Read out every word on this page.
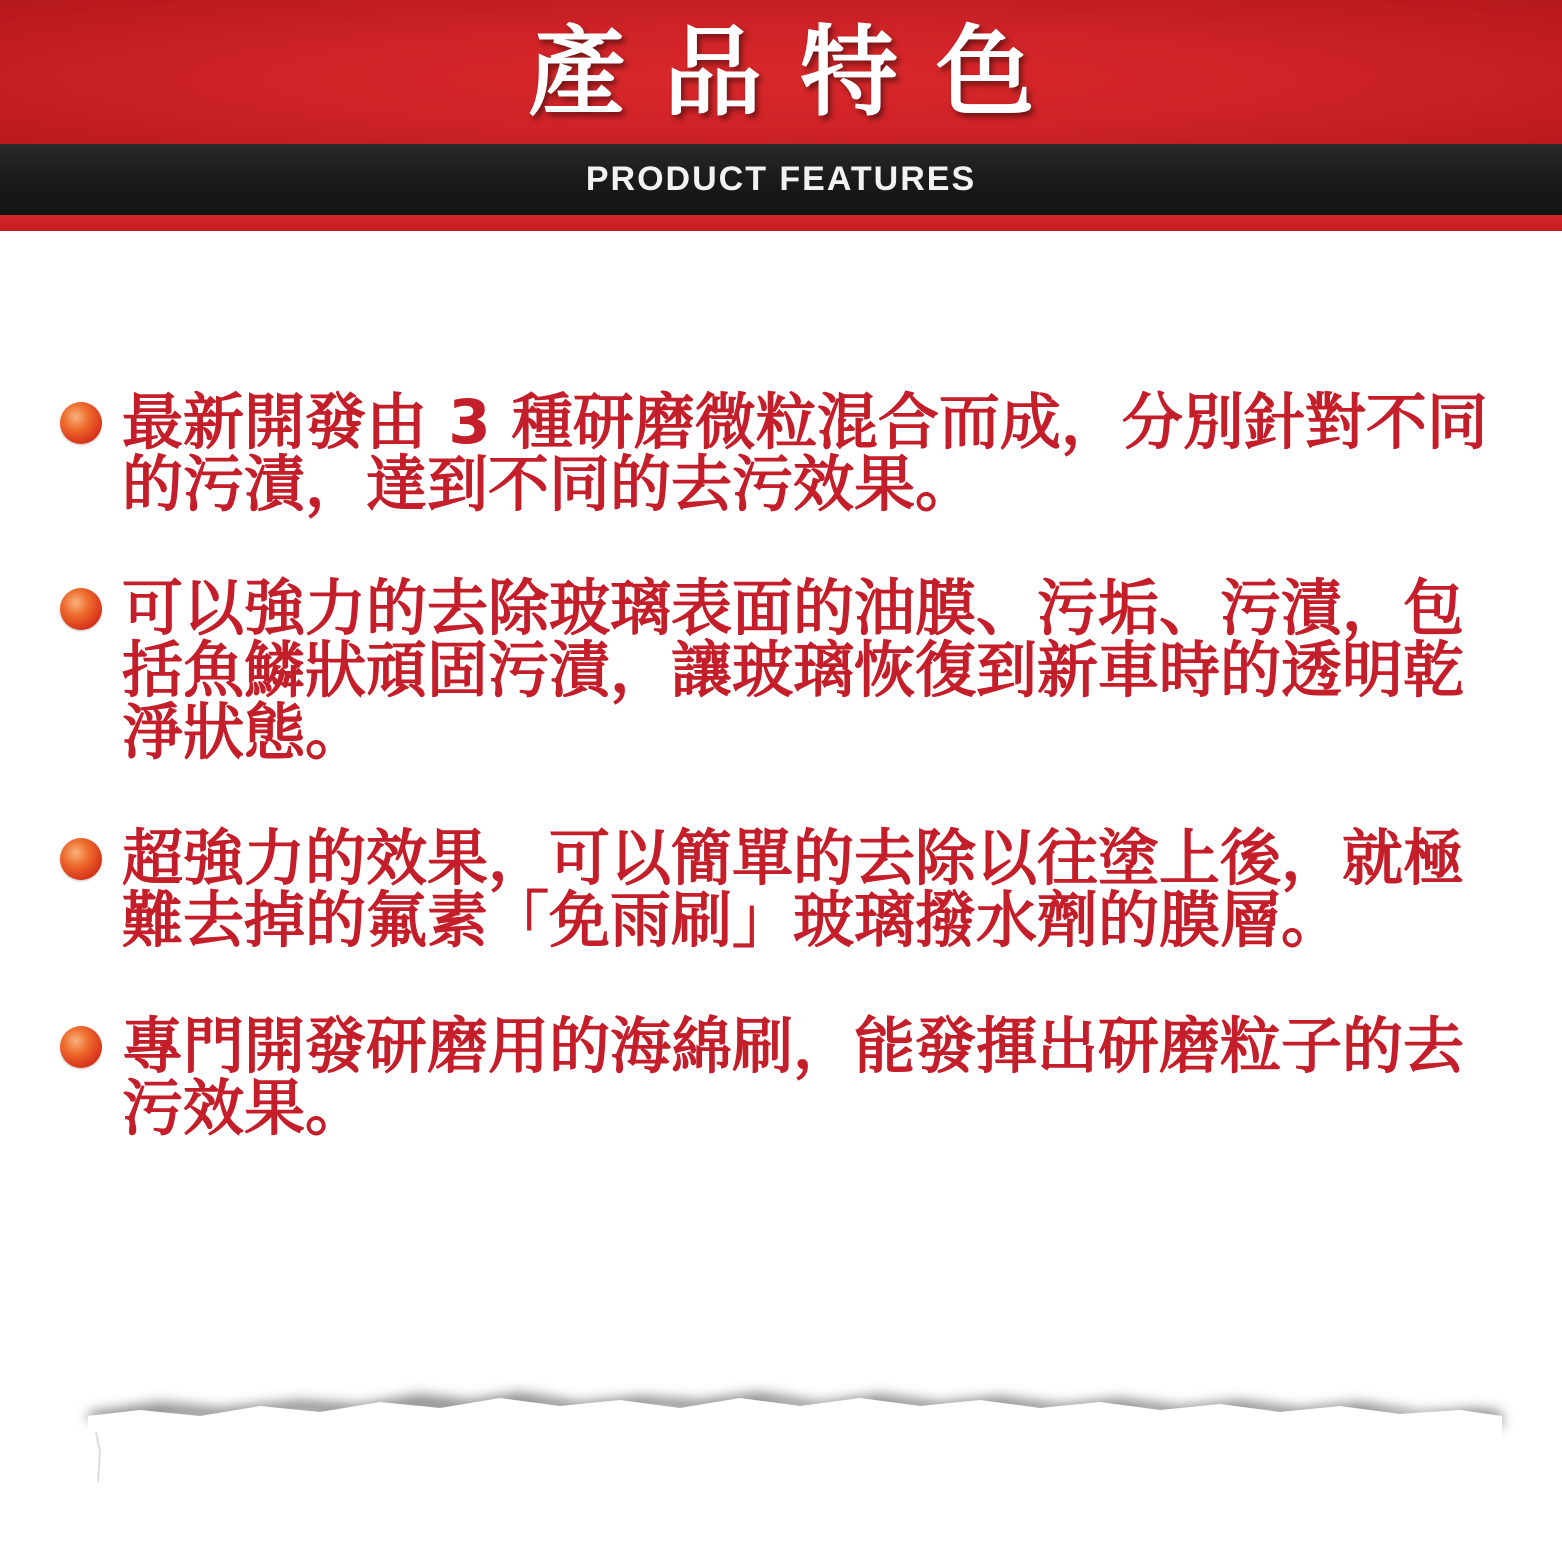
產品特色
PRODUCT FEATURES
最新開發由 3 種研磨微粒混合而成，分別針對不同的污漬，達到不同的去污效果。
可以強力的去除玻璃表面的油膜、污垢、污漬，包括魚鱗狀頑固污漬，讓玻璃恢復到新車時的透明乾淨狀態。
超強力的效果，可以簡單的去除以往塗上後，就極難去掉的氟素「免雨刷」玻璃撥水劑的膜層。
專門開發研磨用的海綿刷，能發揮出研磨粒子的去污效果。
